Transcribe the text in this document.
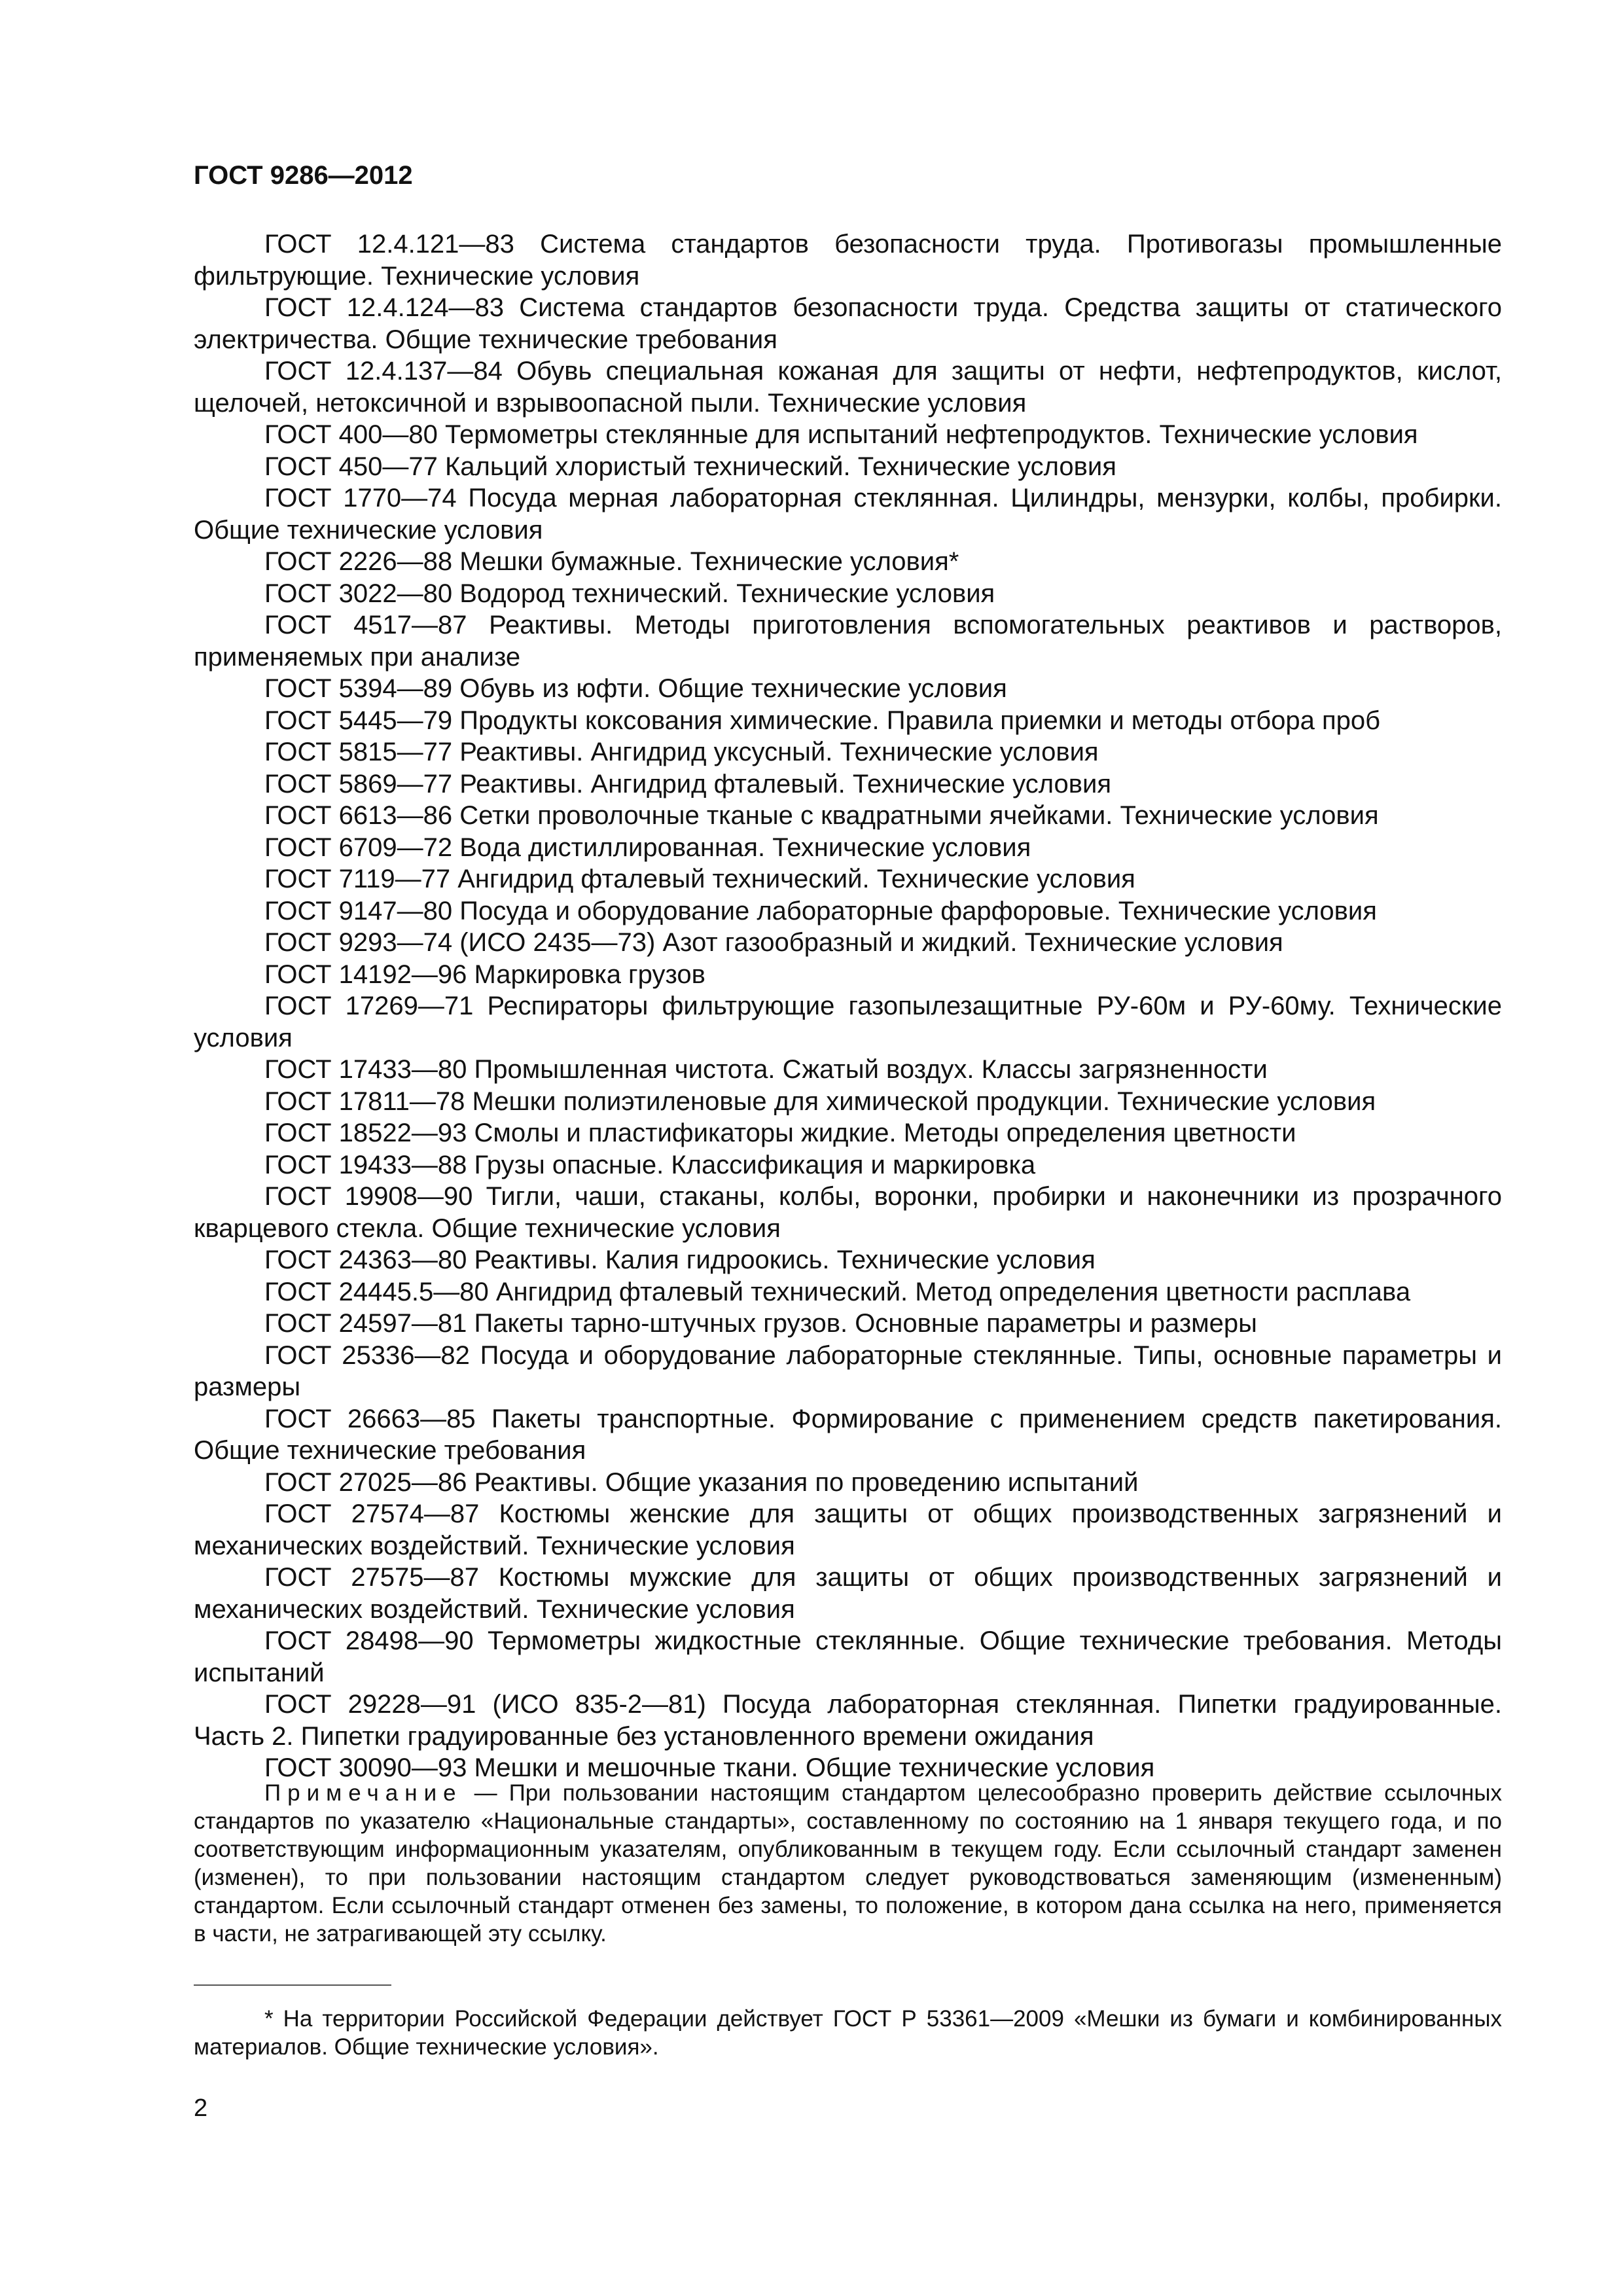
ГОСТ 9286—2012
ГОСТ 12.4.121—83 Система стандартов безопасности труда. Противогазы промышленные фильтрующие. Технические условия
ГОСТ 12.4.124—83 Система стандартов безопасности труда. Средства защиты от статического электричества. Общие технические требования
ГОСТ 12.4.137—84 Обувь специальная кожаная для защиты от нефти, нефтепродуктов, кислот, щелочей, нетоксичной и взрывоопасной пыли. Технические условия
ГОСТ 400—80 Термометры стеклянные для испытаний нефтепродуктов. Технические условия
ГОСТ 450—77 Кальций хлористый технический. Технические условия
ГОСТ 1770—74 Посуда мерная лабораторная стеклянная. Цилиндры, мензурки, колбы, пробирки. Общие технические условия
ГОСТ 2226—88 Мешки бумажные. Технические условия*
ГОСТ 3022—80 Водород технический. Технические условия
ГОСТ 4517—87 Реактивы. Методы приготовления вспомогательных реактивов и растворов, применяемых при анализе
ГОСТ 5394—89 Обувь из юфти. Общие технические условия
ГОСТ 5445—79 Продукты коксования химические. Правила приемки и методы отбора проб
ГОСТ 5815—77 Реактивы. Ангидрид уксусный. Технические условия
ГОСТ 5869—77 Реактивы. Ангидрид фталевый. Технические условия
ГОСТ 6613—86 Сетки проволочные тканые с квадратными ячейками. Технические условия
ГОСТ 6709—72 Вода дистиллированная. Технические условия
ГОСТ 7119—77 Ангидрид фталевый технический. Технические условия
ГОСТ 9147—80 Посуда и оборудование лабораторные фарфоровые. Технические условия
ГОСТ 9293—74 (ИСО 2435—73) Азот газообразный и жидкий. Технические условия
ГОСТ 14192—96 Маркировка грузов
ГОСТ 17269—71 Респираторы фильтрующие газопылезащитные РУ-60м и РУ-60му. Технические условия
ГОСТ 17433—80 Промышленная чистота. Сжатый воздух. Классы загрязненности
ГОСТ 17811—78 Мешки полиэтиленовые для химической продукции. Технические условия
ГОСТ 18522—93 Смолы и пластификаторы жидкие. Методы определения цветности
ГОСТ 19433—88 Грузы опасные. Классификация и маркировка
ГОСТ 19908—90 Тигли, чаши, стаканы, колбы, воронки, пробирки и наконечники из прозрачного кварцевого стекла. Общие технические условия
ГОСТ 24363—80 Реактивы. Калия гидроокись. Технические условия
ГОСТ 24445.5—80 Ангидрид фталевый технический. Метод определения цветности расплава
ГОСТ 24597—81 Пакеты тарно-штучных грузов. Основные параметры и размеры
ГОСТ 25336—82 Посуда и оборудование лабораторные стеклянные. Типы, основные параметры и размеры
ГОСТ 26663—85 Пакеты транспортные. Формирование с применением средств пакетирования. Общие технические требования
ГОСТ 27025—86 Реактивы. Общие указания по проведению испытаний
ГОСТ 27574—87 Костюмы женские для защиты от общих производственных загрязнений и механических воздействий. Технические условия
ГОСТ 27575—87 Костюмы мужские для защиты от общих производственных загрязнений и механических воздействий. Технические условия
ГОСТ 28498—90 Термометры жидкостные стеклянные. Общие технические требования. Методы испытаний
ГОСТ 29228—91 (ИСО 835-2—81) Посуда лабораторная стеклянная. Пипетки градуированные. Часть 2. Пипетки градуированные без установленного времени ожидания
ГОСТ 30090—93 Мешки и мешочные ткани. Общие технические условия
Примечание — При пользовании настоящим стандартом целесообразно проверить действие ссылочных стандартов по указателю «Национальные стандарты», составленному по состоянию на 1 января текущего года, и по соответствующим информационным указателям, опубликованным в текущем году. Если ссылочный стандарт заменен (изменен), то при пользовании настоящим стандартом следует руководствоваться заменяющим (измененным) стандартом. Если ссылочный стандарт отменен без замены, то положение, в котором дана ссылка на него, применяется в части, не затрагивающей эту ссылку.
* На территории Российской Федерации действует ГОСТ Р 53361—2009 «Мешки из бумаги и комбинированных материалов. Общие технические условия».
2
